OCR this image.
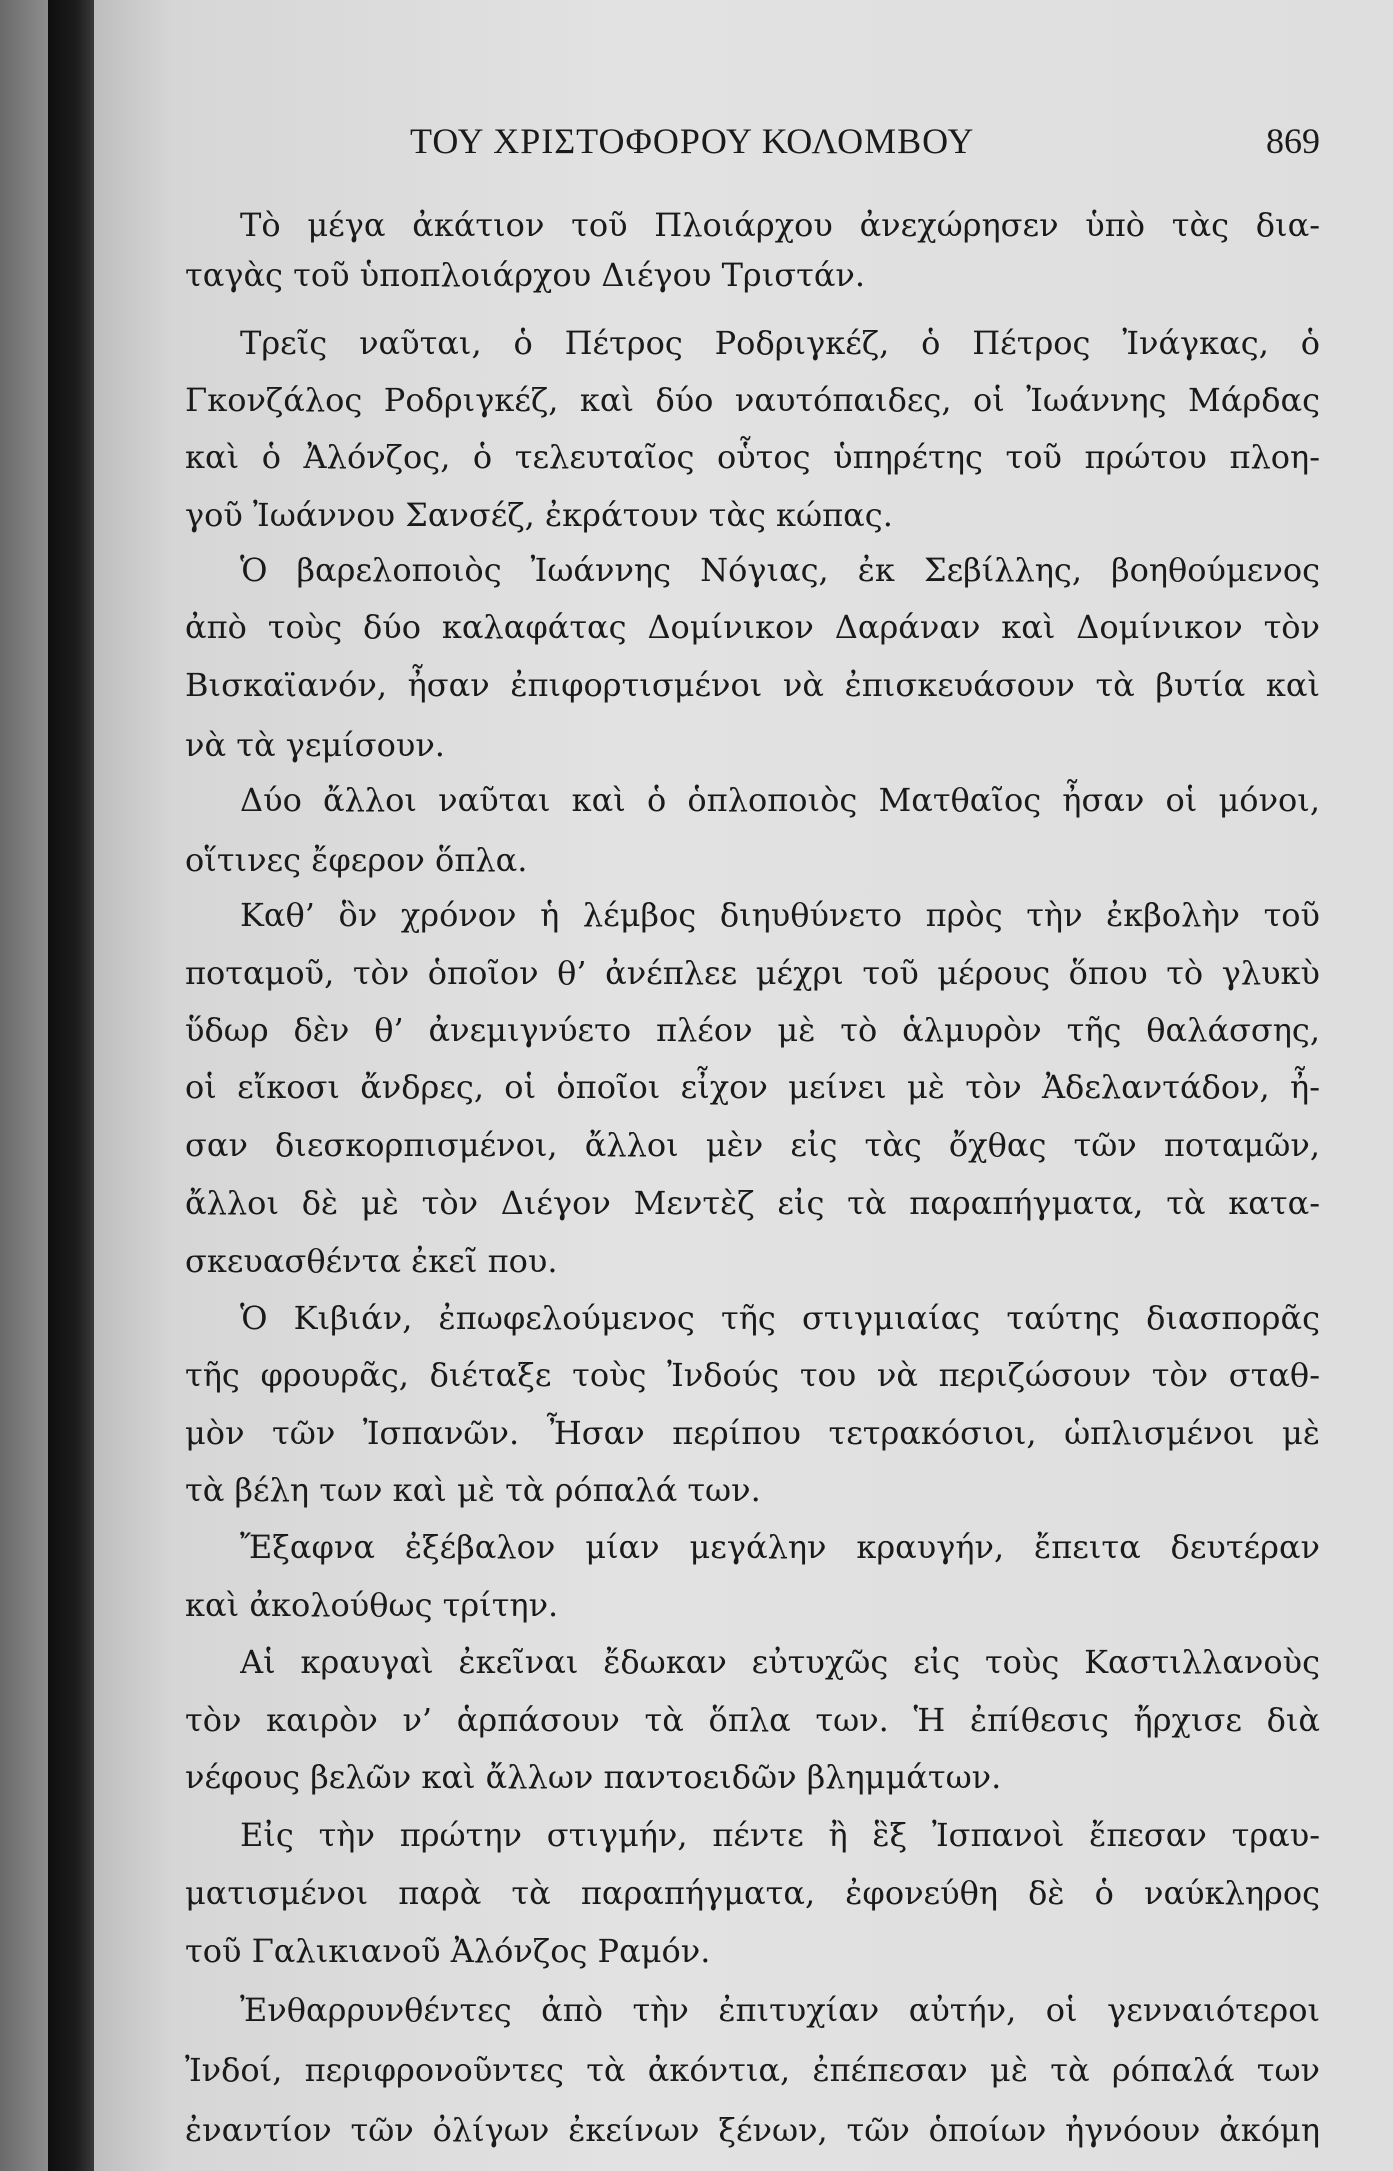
ΤΟΥ ΧΡΙΣΤΟΦΟΡΟΥ ΚΟΛΟΜΒΟΥ	869
Τὸ μέγα ἀκάτιον τοῦ Πλοιάρχου ἀνεχώρησεν ὑπὸ τὰς δια-
ταγὰς τοῦ ὑποπλοιάρχου Διέγου Τριστάν.
Τρεῖς ναῦται, ὁ Πέτρος Ροδριγκέζ, ὁ Πέτρος Ἰνάγκας, ὁ
Γκονζάλος Ροδριγκέζ, καὶ δύο ναυτόπαιδες, οἱ Ἰωάννης Μάρδας
καὶ ὁ Ἀλόνζος, ὁ τελευταῖος οὗτος ὑπηρέτης τοῦ πρώτου πλοη-
γοῦ Ἰωάννου Σανσέζ, ἐκράτουν τὰς κώπας.
Ὁ βαρελοποιὸς Ἰωάννης Νόγιας, ἐκ Σεβίλλης, βοηθούμενος
ἀπὸ τοὺς δύο καλαφάτας Δομίνικον Δαράναν καὶ Δομίνικον τὸν
Βισκαϊανόν, ἦσαν ἐπιφορτισμένοι νὰ ἐπισκευάσουν τὰ βυτία καὶ
νὰ τὰ γεμίσουν.
Δύο ἄλλοι ναῦται καὶ ὁ ὁπλοποιὸς Ματθαῖος ἦσαν οἱ μόνοι,
οἵτινες ἔφερον ὅπλα.
Καθ’ ὃν χρόνον ἡ λέμβος διηυθύνετο πρὸς τὴν ἐκβολὴν τοῦ
ποταμοῦ, τὸν ὁποῖον θ’ ἀνέπλεε μέχρι τοῦ μέρους ὅπου τὸ γλυκὺ
ὕδωρ δὲν θ’ ἀνεμιγνύετο πλέον μὲ τὸ ἁλμυρὸν τῆς θαλάσσης,
οἱ εἴκοσι ἄνδρες, οἱ ὁποῖοι εἶχον μείνει μὲ τὸν Ἀδελαντάδον, ἦ-
σαν διεσκορπισμένοι, ἄλλοι μὲν εἰς τὰς ὄχθας τῶν ποταμῶν,
ἄλλοι δὲ μὲ τὸν Διέγον Μεντὲζ εἰς τὰ παραπήγματα, τὰ κατα-
σκευασθέντα ἐκεῖ που.
Ὁ Κιβιάν, ἐπωφελούμενος τῆς στιγμιαίας ταύτης διασπορᾶς
τῆς φρουρᾶς, διέταξε τοὺς Ἰνδούς του νὰ περιζώσουν τὸν σταθ-
μὸν τῶν Ἰσπανῶν. Ἦσαν περίπου τετρακόσιοι, ὡπλισμένοι μὲ
τὰ βέλη των καὶ μὲ τὰ ρόπαλά των.
Ἔξαφνα ἐξέβαλον μίαν μεγάλην κραυγήν, ἔπειτα δευτέραν
καὶ ἀκολούθως τρίτην.
Αἱ κραυγαὶ ἐκεῖναι ἔδωκαν εὐτυχῶς εἰς τοὺς Καστιλλανοὺς
τὸν καιρὸν ν’ ἁρπάσουν τὰ ὅπλα των. Ἡ ἐπίθεσις ἤρχισε διὰ
νέφους βελῶν καὶ ἄλλων παντοειδῶν βλημμάτων.
Εἰς τὴν πρώτην στιγμήν, πέντε ἢ ἓξ Ἰσπανοὶ ἔπεσαν τραυ-
ματισμένοι παρὰ τὰ παραπήγματα, ἐφονεύθη δὲ ὁ ναύκληρος
τοῦ Γαλικιανοῦ Ἀλόνζος Ραμόν.
Ἐνθαρρυνθέντες ἀπὸ τὴν ἐπιτυχίαν αὐτήν, οἱ γενναιότεροι
Ἰνδοί, περιφρονοῦντες τὰ ἀκόντια, ἐπέπεσαν μὲ τὰ ρόπαλά των
ἐναντίον τῶν ὀλίγων ἐκείνων ξένων, τῶν ὁποίων ἠγνόουν ἀκόμη
